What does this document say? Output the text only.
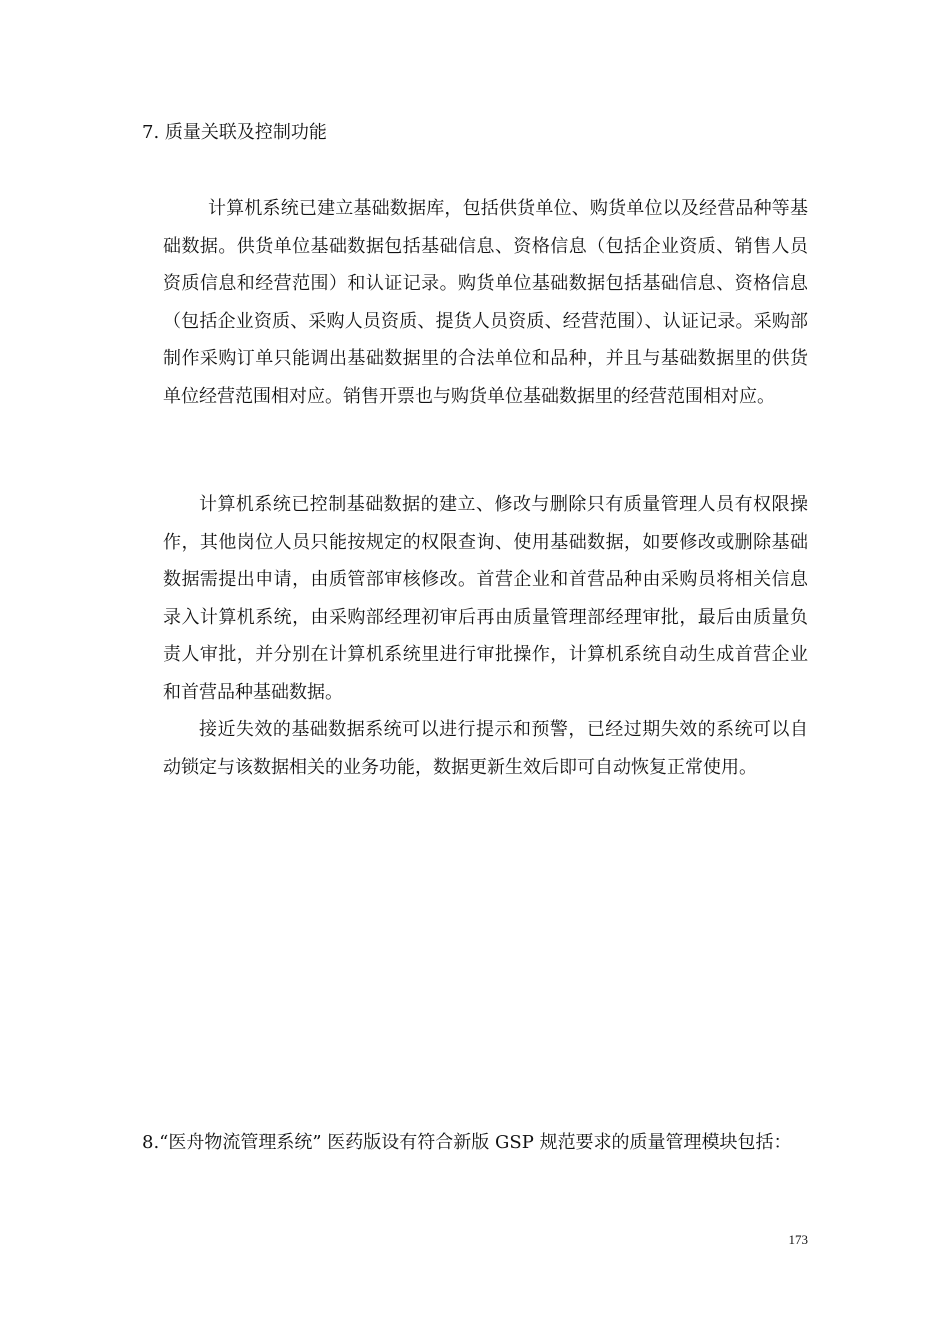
7. 质量关联及控制功能
计算机系统已建立基础数据库，包括供货单位、购货单位以及经营品种等基础数据。供货单位基础数据包括基础信息、资格信息（包括企业资质、销售人员资质信息和经营范围）和认证记录。购货单位基础数据包括基础信息、资格信息（包括企业资质、采购人员资质、提货人员资质、经营范围）、认证记录。采购部制作采购订单只能调出基础数据里的合法单位和品种，并且与基础数据里的供货单位经营范围相对应。销售开票也与购货单位基础数据里的经营范围相对应。
计算机系统已控制基础数据的建立、修改与删除只有质量管理人员有权限操作，其他岗位人员只能按规定的权限查询、使用基础数据，如要修改或删除基础数据需提出申请，由质管部审核修改。首营企业和首营品种由采购员将相关信息录入计算机系统，由采购部经理初审后再由质量管理部经理审批，最后由质量负责人审批，并分别在计算机系统里进行审批操作，计算机系统自动生成首营企业和首营品种基础数据。
接近失效的基础数据系统可以进行提示和预警，已经过期失效的系统可以自动锁定与该数据相关的业务功能，数据更新生效后即可自动恢复正常使用。
8.“医舟物流管理系统” 医药版设有符合新版 GSP 规范要求的质量管理模块包括：
173
